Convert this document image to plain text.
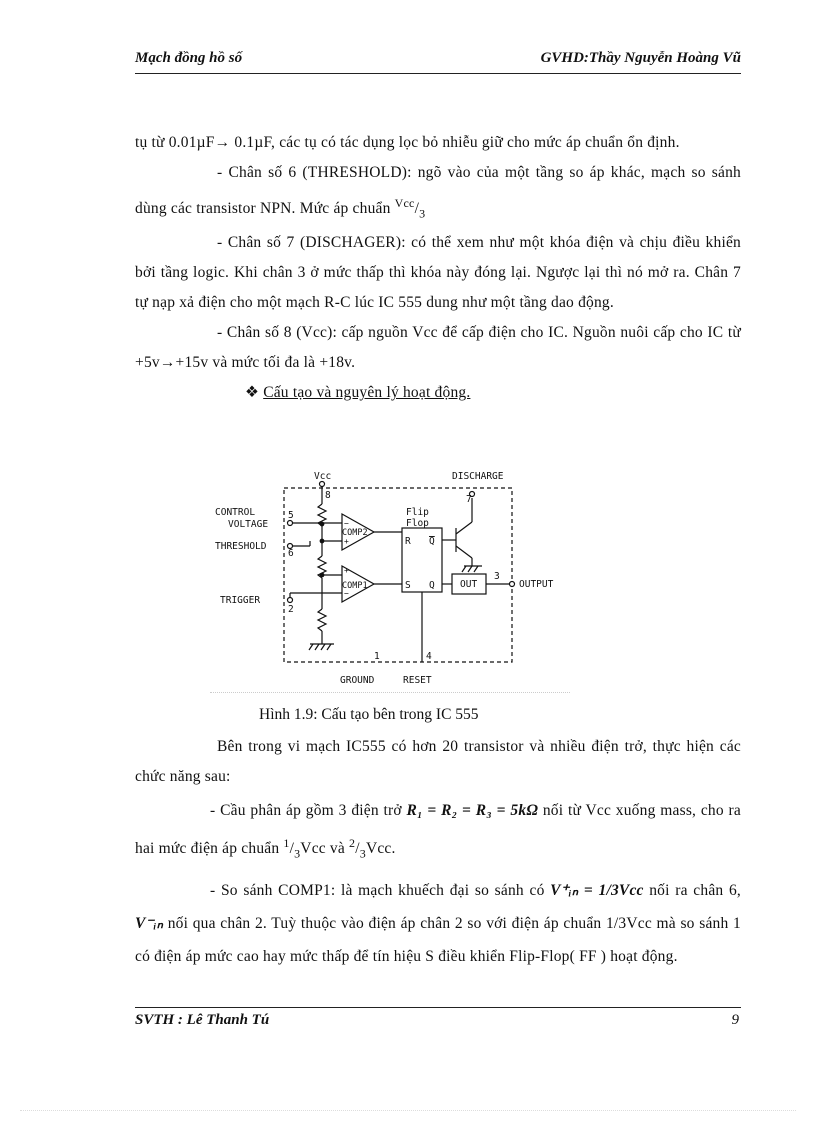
Mạch đồng hồ số	GVHD:Thầy Nguyễn Hoàng Vũ

tụ từ 0.01µF→ 0.1µF, các tụ có tác dụng lọc bỏ nhiễu giữ cho mức áp chuẩn ổn định.

- Chân số 6 (THRESHOLD): ngõ vào của một tầng so áp khác, mạch so sánh dùng các transistor NPN. Mức áp chuẩn $^{Vcc}/_3$

- Chân số 7 (DISCHAGER): có thể xem như một khóa điện và chịu điều khiển bởi tầng logic. Khi chân 3 ở mức thấp thì khóa này đóng lại. Ngược lại thì nó mở ra. Chân 7 tự nạp xả điện cho một mạch R-C lúc IC 555 dung như một tầng dao động.

- Chân số 8 (Vcc): cấp nguồn Vcc để cấp điện cho IC. Nguồn nuôi cấp cho IC từ +5v→+15v và mức tối đa là +18v.

❖ Cấu tạo và nguyên lý hoạt động.

Vcc	DISCHARGE
CONTROL
VOLTAGE
THRESHOLD
TRIGGER
OUTPUT
GROUND	RESET
Flip
Flop
COMP2
COMP1	OUT
R
S Q
Q
+
+
−
−
1
2
3
4
5
6
7
8
Hình 1.9: Cấu tạo bên trong IC 555

Bên trong vi mạch IC555 có hơn 20 transistor và nhiều điện trở, thực hiện các chức năng sau:

- Cầu phân áp gồm 3 điện trở R₁ = R₂ = R₃ = 5kΩ nối từ Vcc xuống mass, cho ra hai mức điện áp chuẩn $^1/_3Vcc$ và $^2/_3Vcc$.

- So sánh COMP1: là mạch khuếch đại so sánh có V⁺ᵢₙ = 1/3Vcc nối ra chân 6, V⁻ᵢₙ nối qua chân 2. Tuỳ thuộc vào điện áp chân 2 so với điện áp chuẩn 1/3Vcc mà so sánh 1 có điện áp mức cao hay mức thấp để tín hiệu S điều khiển Flip-Flop( FF ) hoạt động.

SVTH : Lê Thanh Tú	9
